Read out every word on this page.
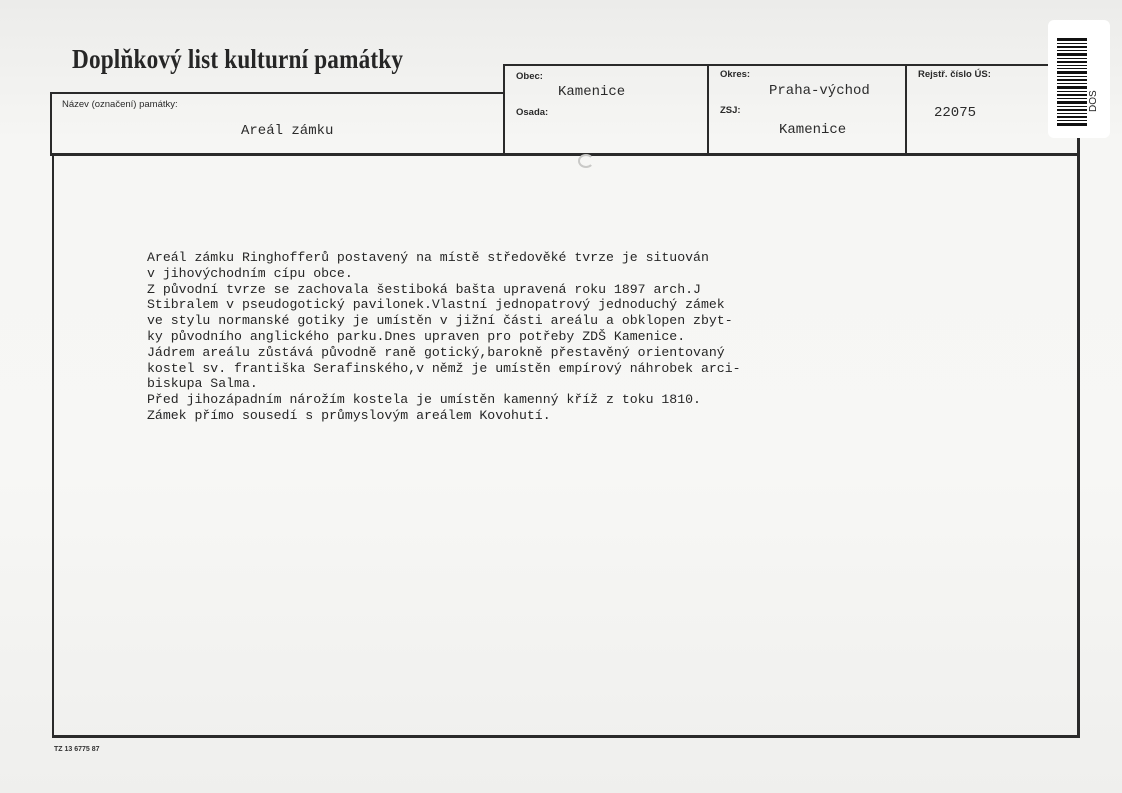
Doplňkový list kulturní památky
Název (označení) památky:
Areál zámku
Obec:
Kamenice
Osada:
Okres:
Praha-východ
ZSJ:
Kamenice
Rejstř. číslo ÚS:
22075
Areál zámku Ringhofferů postavený na místě středověké tvrze je situován
v jihovýchodním cípu obce.
Z původní tvrze se zachovala šestiboká bašta upravená roku 1897 arch.J
Stibralem v pseudogotický pavilonek.Vlastní jednopatrový jednoduchý zámek
ve stylu normanské gotiky je umístěn v jižní části areálu a obklopen zbyt-
ky původního anglického parku.Dnes upraven pro potřeby ZDŠ Kamenice.
Jádrem areálu zůstává původně raně gotický,barokně přestavěný orientovaný
kostel sv. františka Serafinského,v němž je umístěn empírový náhrobek arci-
biskupa Salma.
Před jihozápadním nárožím kostela je umístěn kamenný kříž z toku 1810.
Zámek přímo sousedí s průmyslovým areálem Kovohutí.
TZ 13 6775 87
DOS
